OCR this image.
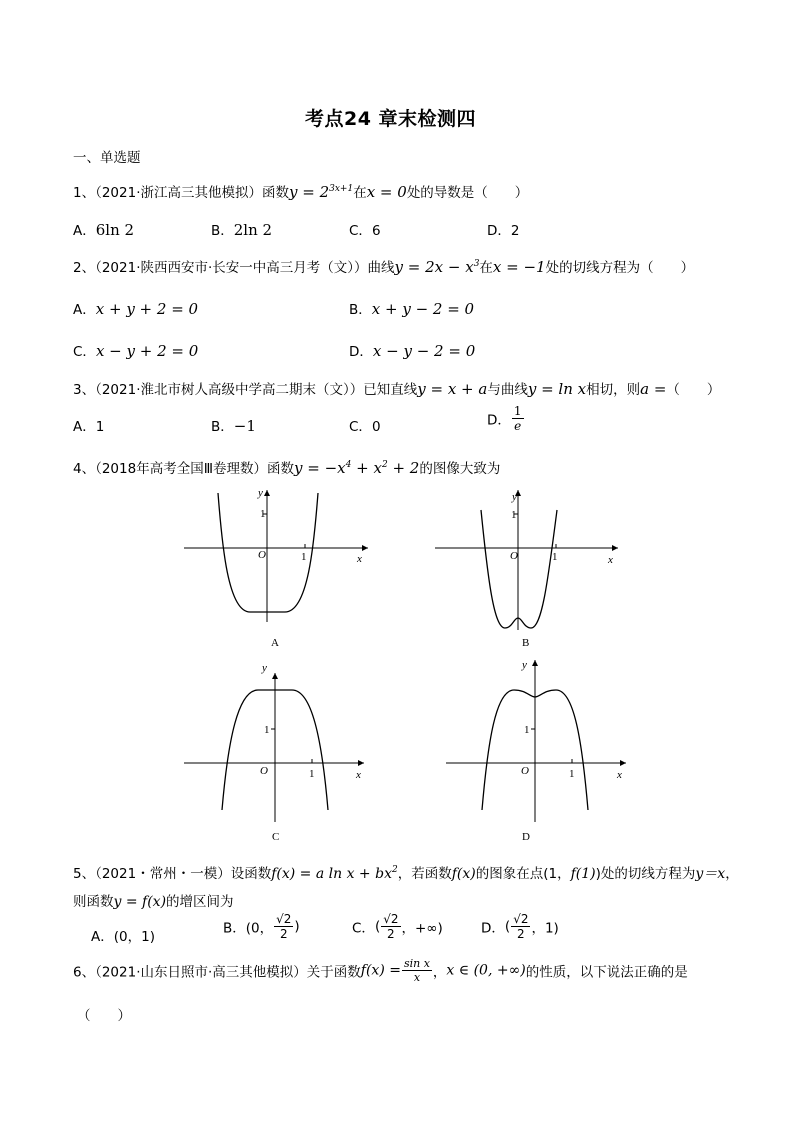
考点24 章末检测四
一、单选题
1、（2021·浙江高三其他模拟）函数$y = 2^{3x+1}$在x = 0处的导数是（　　）
A．6ln 2	B．2ln 2	C．6	D．2
2、（2021·陕西西安市·长安一中高三月考（文））曲线$y = 2x - x^3$在x = −1处的切线方程为（　　）
A．x + y + 2 = 0	B．x + y − 2 = 0
C．x − y + 2 = 0	D．x − y − 2 = 0
3、（2021·淮北市树人高级中学高二期末（文））已知直线y = x + a与曲线y = ln x相切，则a =（　　）
A．1	B．−1	C．0	D． $\frac{1}{e}$
4、（2018年高考全国Ⅲ卷理数）函数$y = -x^4 + x^2 + 2$的图像大致为
y
x
O
1
1
A
y
x
O
1
1
B
y
x
O
1
1
C
y
x
O
1
1
D
5、（2021・常州・一模）设函数f(x) = a $\ln x + bx^2$，若函数f(x)的图象在点(1，f(1))处的切线方程为y＝x，
则函数y = f(x)的增区间为
A．(0，1)
B．(0， $\frac{√2}{2}$ )	C．( $\frac{√2}{2}$ ，+∞)	D．( $\frac{√2}{2}$ ，1)
6、（2021·山东日照市·高三其他模拟）关于函数$f(x) = \frac{\text{sin x}}{x}$ ，x ∈ (0, +∞)的性质，以下说法正确的是
（　　）
